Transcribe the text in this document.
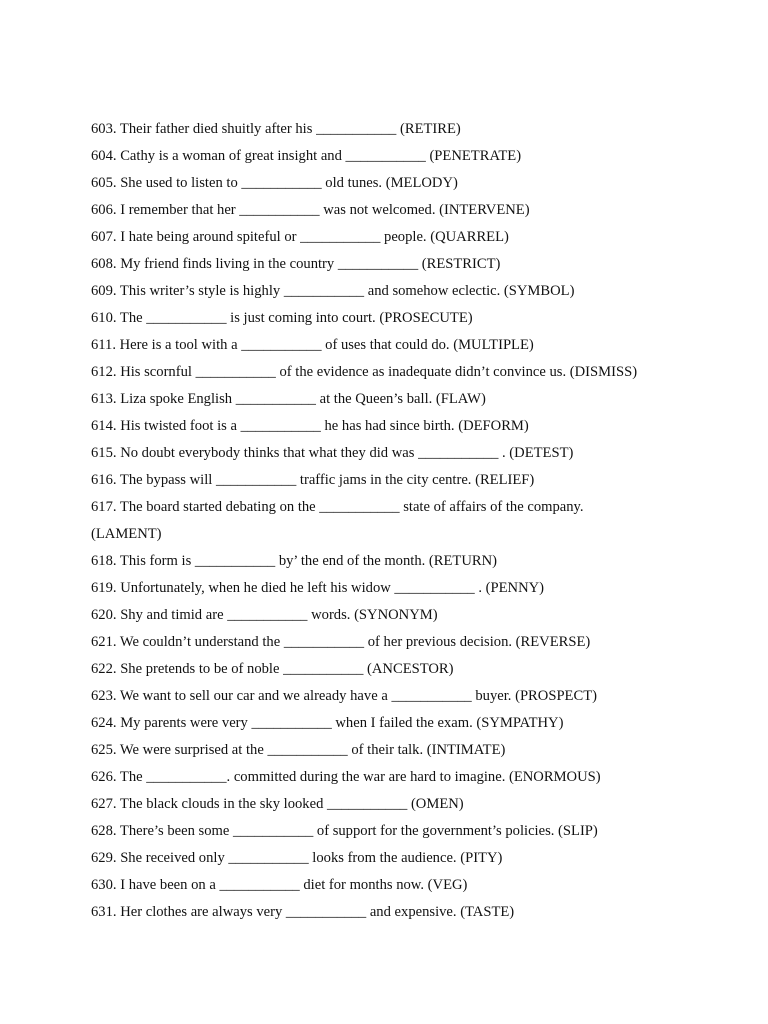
603. Their father died shuitly after his ___________ (RETIRE)
604. Cathy is a woman of great insight and ___________ (PENETRATE)
605. She used to listen to ___________ old tunes. (MELODY)
606. I remember that her ___________ was not welcomed. (INTERVENE)
607. I hate being around spiteful or ___________ people. (QUARREL)
608. My friend finds living in the country ___________ (RESTRICT)
609. This writer’s style is highly ___________ and somehow eclectic. (SYMBOL)
610. The ___________ is just coming into court. (PROSECUTE)
611. Here is a tool with a ___________ of uses that could do. (MULTIPLE)
612. His scornful ___________ of the evidence as inadequate didn’t convince us. (DISMISS)
613. Liza spoke English ___________ at the Queen’s ball. (FLAW)
614. His twisted foot is a ___________ he has had since birth. (DEFORM)
615. No doubt everybody thinks that what they did was ___________ . (DETEST)
616. The bypass will ___________ traffic jams in the city centre. (RELIEF)
617. The board started debating on the ___________ state of affairs of the company.
(LAMENT)
618. This form is ___________ by’ the end of the month. (RETURN)
619. Unfortunately, when he died he left his widow ___________ . (PENNY)
620. Shy and timid are ___________ words. (SYNONYM)
621. We couldn’t understand the ___________ of her previous decision. (REVERSE)
622. She pretends to be of noble ___________ (ANCESTOR)
623. We want to sell our car and we already have a ___________ buyer. (PROSPECT)
624. My parents were very ___________ when I failed the exam. (SYMPATHY)
625. We were surprised at the ___________ of their talk. (INTIMATE)
626. The ___________. committed during the war are hard to imagine. (ENORMOUS)
627. The black clouds in the sky looked ___________ (OMEN)
628. There’s been some ___________ of support for the government’s policies. (SLIP)
629. She received only ___________ looks from the audience. (PITY)
630. I have been on a ___________ diet for months now. (VEG)
631. Her clothes are always very ___________ and expensive. (TASTE)
